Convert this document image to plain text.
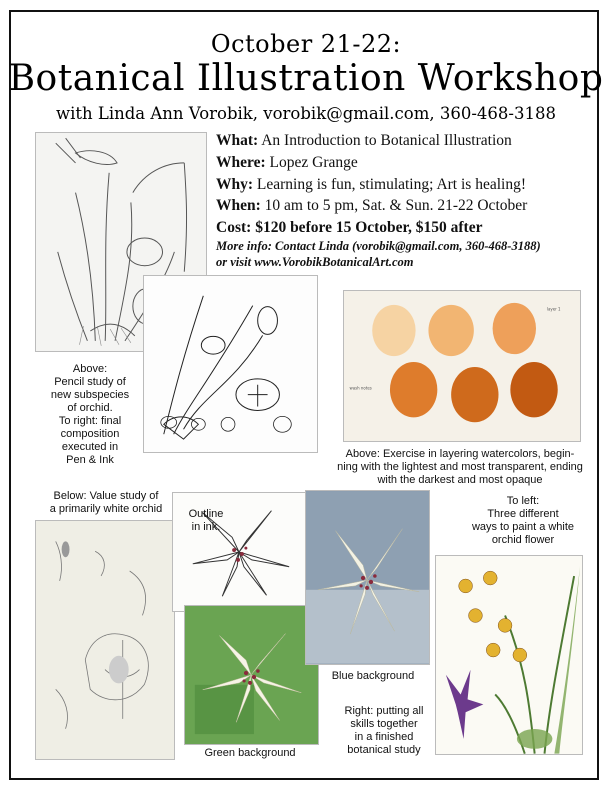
October 21-22:
Botanical Illustration Workshop
with Linda Ann Vorobik, vorobik@gmail.com, 360-468-3188
What: An Introduction to Botanical Illustration
Where: Lopez Grange
Why: Learning is fun, stimulating; Art is healing!
When: 10 am to 5 pm, Sat. & Sun. 21-22 October
Cost: $120 before 15 October, $150 after
More info: Contact Linda (vorobik@gmail.com, 360-468-3188)
or visit www.VorobikBotanicalArt.com
wash notes
layer 1
Above:
Pencil study of
new subspecies
of orchid.
To right: final
composition
executed in
Pen & Ink	Above: Exercise in layering watercolors, begin-
ning with the lightest and most transparent, ending
with the darkest and most opaque
Below: Value study of
a primarily white orchid	Outline
in ink.
To left:
Three different
ways to paint a white
orchid flower
Blue background
Green background
Right: putting all
skills together
in a finished
botanical study
